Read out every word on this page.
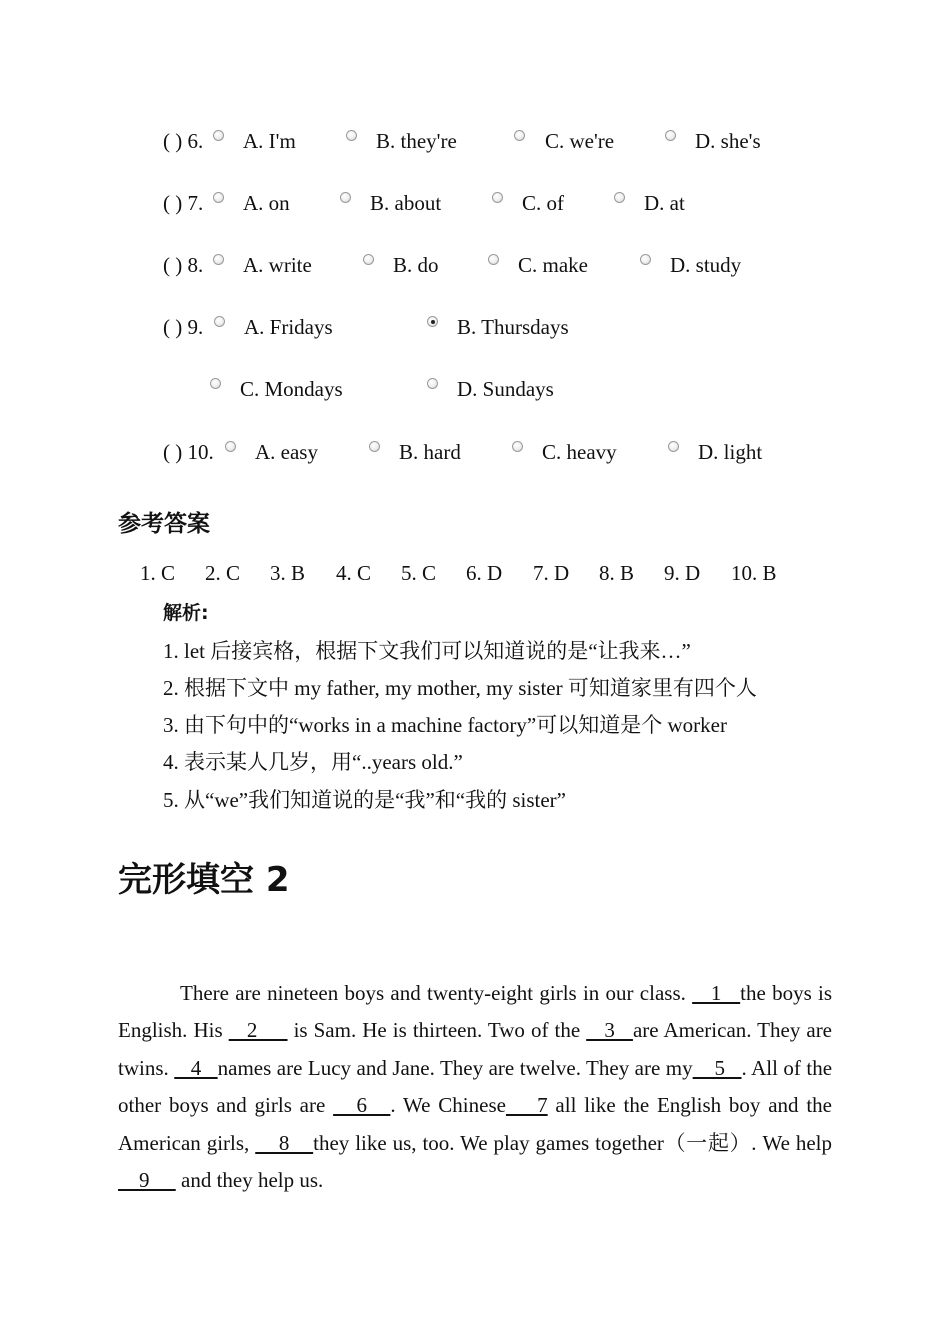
( ) 6. A. I'm	B. they're	C. we're	D. she's
( ) 7. A. on	B. about	C. of	D. at
( ) 8. A. write	B. do	C. make	D. study
( ) 9. A. Fridays	B. Thursdays
C. Mondays	D. Sundays
( ) 10. A. easy	B. hard	C. heavy	D. light
参考答案
1. C 2. C 3. B 4. C 5. C 6. D 7. D 8. B 9. D 10. B
解析:
1. let 后接宾格，根据下文我们可以知道说的是“让我来…”
2. 根据下文中 my father, my mother, my sister 可知道家里有四个人
3. 由下句中的“works in a machine factory”可以知道是个 worker
4. 表示某人几岁，用“..years old.”
5. 从“we”我们知道说的是“我”和“我的 sister”
完形填空 2
There are nineteen boys and twenty-eight girls in our class.    1   the boys is English. His    2      is Sam. He is thirteen. Two of the    3   are American. They are twins.    4   names are Lucy and Jane. They are twelve. They are my    5   . All of the other boys and girls are    6   . We Chinese    7 all like the English boy and the American girls,     8    they like us, too. We play games together（一起）. We help     9      and they help us.
